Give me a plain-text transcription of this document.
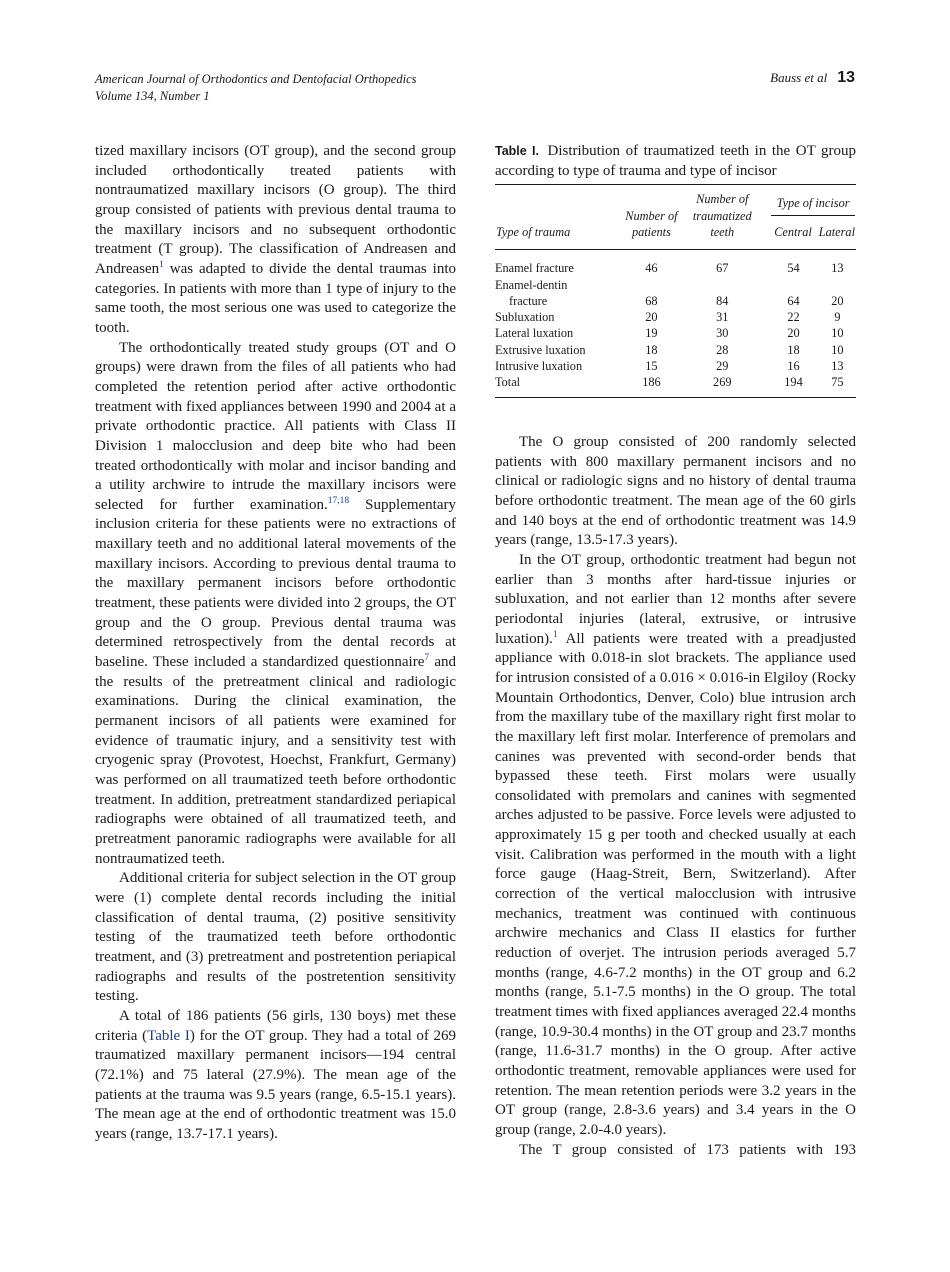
American Journal of Orthodontics and Dentofacial Orthopedics
Volume 134, Number 1
Bauss et al 13

tized maxillary incisors (OT group), and the second group included orthodontically treated patients with nontraumatized maxillary incisors (O group). The third group consisted of patients with previous dental trauma to the maxillary incisors and no subsequent orthodontic treatment (T group). The classification of Andreasen and Andreasen$^1$ was adapted to divide the dental traumas into categories. In patients with more than 1 type of injury to the same tooth, the most serious one was used to categorize the tooth.

The orthodontically treated study groups (OT and O groups) were drawn from the files of all patients who had completed the retention period after active orthodontic treatment with fixed appliances between 1990 and 2004 at a private orthodontic practice. All patients with Class II Division 1 malocclusion and deep bite who had been treated orthodontically with molar and incisor banding and a utility archwire to intrude the maxillary incisors were selected for further examination.$^{17,18}$ Supplementary inclusion criteria for these patients were no extractions of maxillary teeth and no additional lateral movements of the maxillary incisors. According to previous dental trauma to the maxillary permanent incisors before orthodontic treatment, these patients were divided into 2 groups, the OT group and the O group. Previous dental trauma was determined retrospectively from the dental records at baseline. These included a standardized questionnaire$^7$ and the results of the pretreatment clinical and radiologic examinations. During the clinical examination, the permanent incisors of all patients were examined for evidence of traumatic injury, and a sensitivity test with cryogenic spray (Provotest, Hoechst, Frankfurt, Germany) was performed on all traumatized teeth before orthodontic treatment. In addition, pretreatment standardized periapical radiographs were obtained of all traumatized teeth, and pretreatment panoramic radiographs were available for all nontraumatized teeth.

Additional criteria for subject selection in the OT group were (1) complete dental records including the initial classification of dental trauma, (2) positive sensitivity testing of the traumatized teeth before orthodontic treatment, and (3) pretreatment and postretention periapical radiographs and results of the postretention sensitivity testing.

A total of 186 patients (56 girls, 130 boys) met these criteria (Table I) for the OT group. They had a total of 269 traumatized maxillary permanent incisors—194 central (72.1%) and 75 lateral (27.9%). The mean age of the patients at the trauma was 9.5 years (range, 6.5-15.1 years). The mean age at the end of orthodontic treatment was 15.0 years (range, 13.7-17.1 years).

Table I. Distribution of traumatized teeth in the OT group according to type of trauma and type of incisor
Type of trauma	Number of patients	Number of traumatized teeth	Type of incisor	

			Central	Lateral
Enamel fracture	46	67	54	13
Enamel-dentin				
fracture	68	84	64	20
Subluxation	20	31	22	9
Lateral luxation	19	30	20	10
Extrusive luxation	18	28	18	10
Intrusive luxation	15	29	16	13
Total	186	269	194	75

The O group consisted of 200 randomly selected patients with 800 maxillary permanent incisors and no clinical or radiologic signs and no history of dental trauma before orthodontic treatment. The mean age of the 60 girls and 140 boys at the end of orthodontic treatment was 14.9 years (range, 13.5-17.3 years).

In the OT group, orthodontic treatment had begun not earlier than 3 months after hard-tissue injuries or subluxation, and not earlier than 12 months after severe periodontal injuries (lateral, extrusive, or intrusive luxation).$^1$ All patients were treated with a preadjusted appliance with 0.018-in slot brackets. The appliance used for intrusion consisted of a 0.016 × 0.016-in Elgiloy (Rocky Mountain Orthodontics, Denver, Colo) blue intrusion arch from the maxillary tube of the maxillary right first molar to the maxillary left first molar. Interference of premolars and canines was prevented with second-order bends that bypassed these teeth. First molars were usually consolidated with premolars and canines with segmented arches adjusted to be passive. Force levels were adjusted to approximately 15 g per tooth and checked usually at each visit. Calibration was performed in the mouth with a light force gauge (Haag-Streit, Bern, Switzerland). After correction of the vertical malocclusion with intrusive mechanics, treatment was continued with continuous archwire mechanics and Class II elastics for further reduction of overjet. The intrusion periods averaged 5.7 months (range, 4.6-7.2 months) in the OT group and 6.2 months (range, 5.1-7.5 months) in the O group. The total treatment times with fixed appliances averaged 22.4 months (range, 10.9-30.4 months) in the OT group and 23.7 months (range, 11.6-31.7 months) in the O group. After active orthodontic treatment, removable appliances were used for retention. The mean retention periods were 3.2 years in the OT group (range, 2.8-3.6 years) and 3.4 years in the O group (range, 2.0-4.0 years).

The T group consisted of 173 patients with 193
